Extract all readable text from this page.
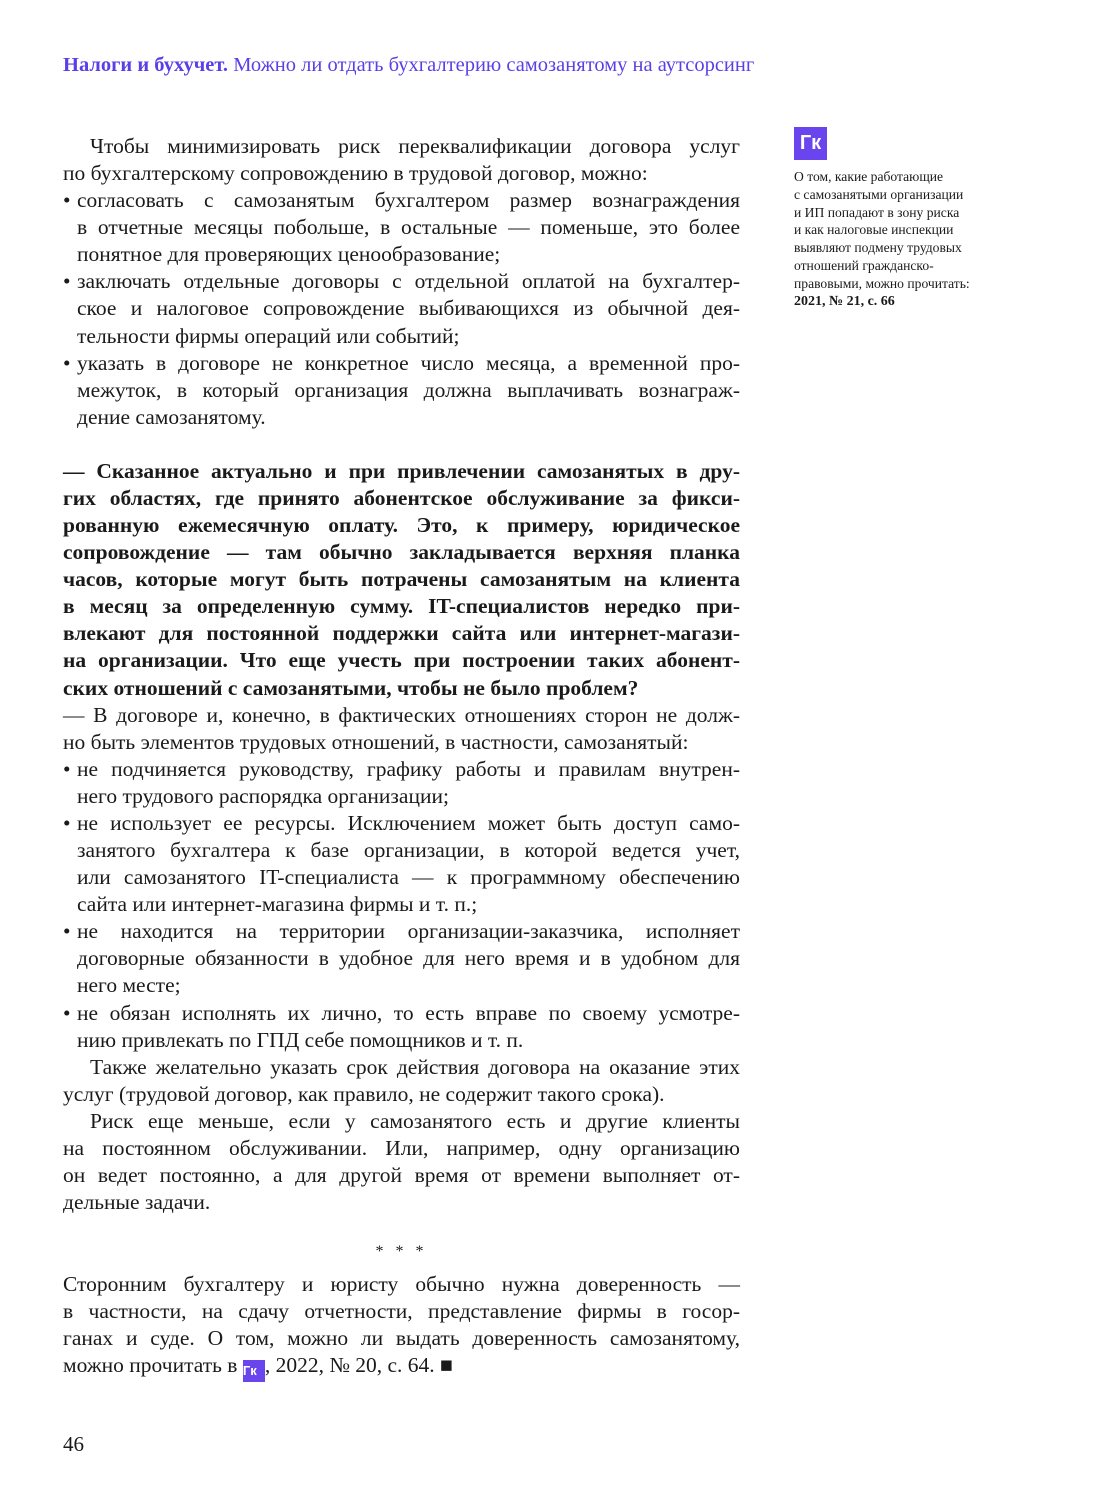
Налоги и бухучет. Можно ли отдать бухгалтерию самозанятому на аутсорсинг
Чтобы минимизировать риск переквалификации договора услуг
по бухгалтерскому сопровождению в трудовой договор, можно:
• согласовать с самозанятым бухгалтером размер вознаграждения
в отчетные месяцы побольше, в остальные — поменьше, это более
понятное для проверяющих ценообразование;
• заключать отдельные договоры с отдельной оплатой на бухгалтер-
ское и налоговое сопровождение выбивающихся из обычной дея-
тельности фирмы операций или событий;
• указать в договоре не конкретное число месяца, а временной про-
межуток, в который организация должна выплачивать вознаграж-
дение самозанятому.
— Сказанное актуально и при привлечении самозанятых в дру-
гих областях, где принято абонентское обслуживание за фикси-
рованную ежемесячную оплату. Это, к примеру, юридическое
сопровождение — там обычно закладывается верхняя планка
часов, которые могут быть потрачены самозанятым на клиента
в месяц за определенную сумму. IT-специалистов нередко при-
влекают для постоянной поддержки сайта или интернет-магази-
на организации. Что еще учесть при построении таких абонент-
ских отношений с самозанятыми, чтобы не было проблем?
— В договоре и, конечно, в фактических отношениях сторон не долж-
но быть элементов трудовых отношений, в частности, самозанятый:
• не подчиняется руководству, графику работы и правилам внутрен-
него трудового распорядка организации;
• не использует ее ресурсы. Исключением может быть доступ само-
занятого бухгалтера к базе организации, в которой ведется учет,
или самозанятого IT-специалиста — к программному обеспечению
сайта или интернет-магазина фирмы и т. п.;
• не находится на территории организации-заказчика, исполняет
договорные обязанности в удобное для него время и в удобном для
него месте;
• не обязан исполнять их лично, то есть вправе по своему усмотре-
нию привлекать по ГПД себе помощников и т. п.
Также желательно указать срок действия договора на оказание этих
услуг (трудовой договор, как правило, не содержит такого срока).
Риск еще меньше, если у самозанятого есть и другие клиенты
на постоянном обслуживании. Или, например, одну организацию
он ведет постоянно, а для другой время от времени выполняет от-
дельные задачи.
* * *
Сторонним бухгалтеру и юристу обычно нужна доверенность —
в частности, на сдачу отчетности, представление фирмы в госор-
ганах и суде. О том, можно ли выдать доверенность самозанятому,
можно прочитать в Гк , 2022, № 20, с. 64. ■
Гк
О том, какие работающие
с самозанятыми организации
и ИП попадают в зону риска
и как налоговые инспекции
выявляют подмену трудовых
отношений гражданско-
правовыми, можно прочитать:
2021, № 21, с. 66
46
